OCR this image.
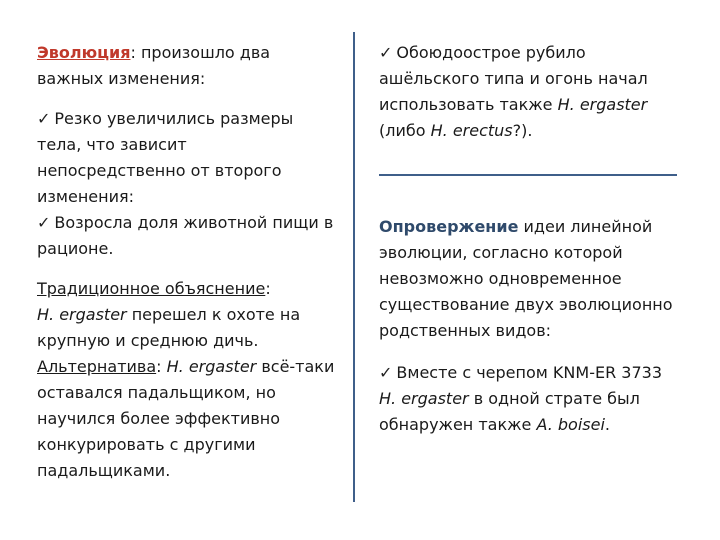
Эволюция: произошло два важных изменения:

✓ Резко увеличились размеры тела, что зависит непосредственно от второго изменения:

✓ Возросла доля животной пищи в рационе.

Традиционное объяснение:
H. ergaster перешел к охоте на крупную и среднюю дичь.

Альтернатива: H. ergaster всё-таки оставался падальщиком, но научился более эффективно конкурировать с другими падальщиками.

✓ Обоюдоострое рубило ашёльского типа и огонь начал использовать также H. ergaster (либо H. erectus?).

Опровержение идеи линейной эволюции, согласно которой невозможно одновременное существование двух эволюционно родственных видов:

✓ Вместе с черепом KNM-ER 3733 H. ergaster в одной страте был обнаружен также A. boisei.
